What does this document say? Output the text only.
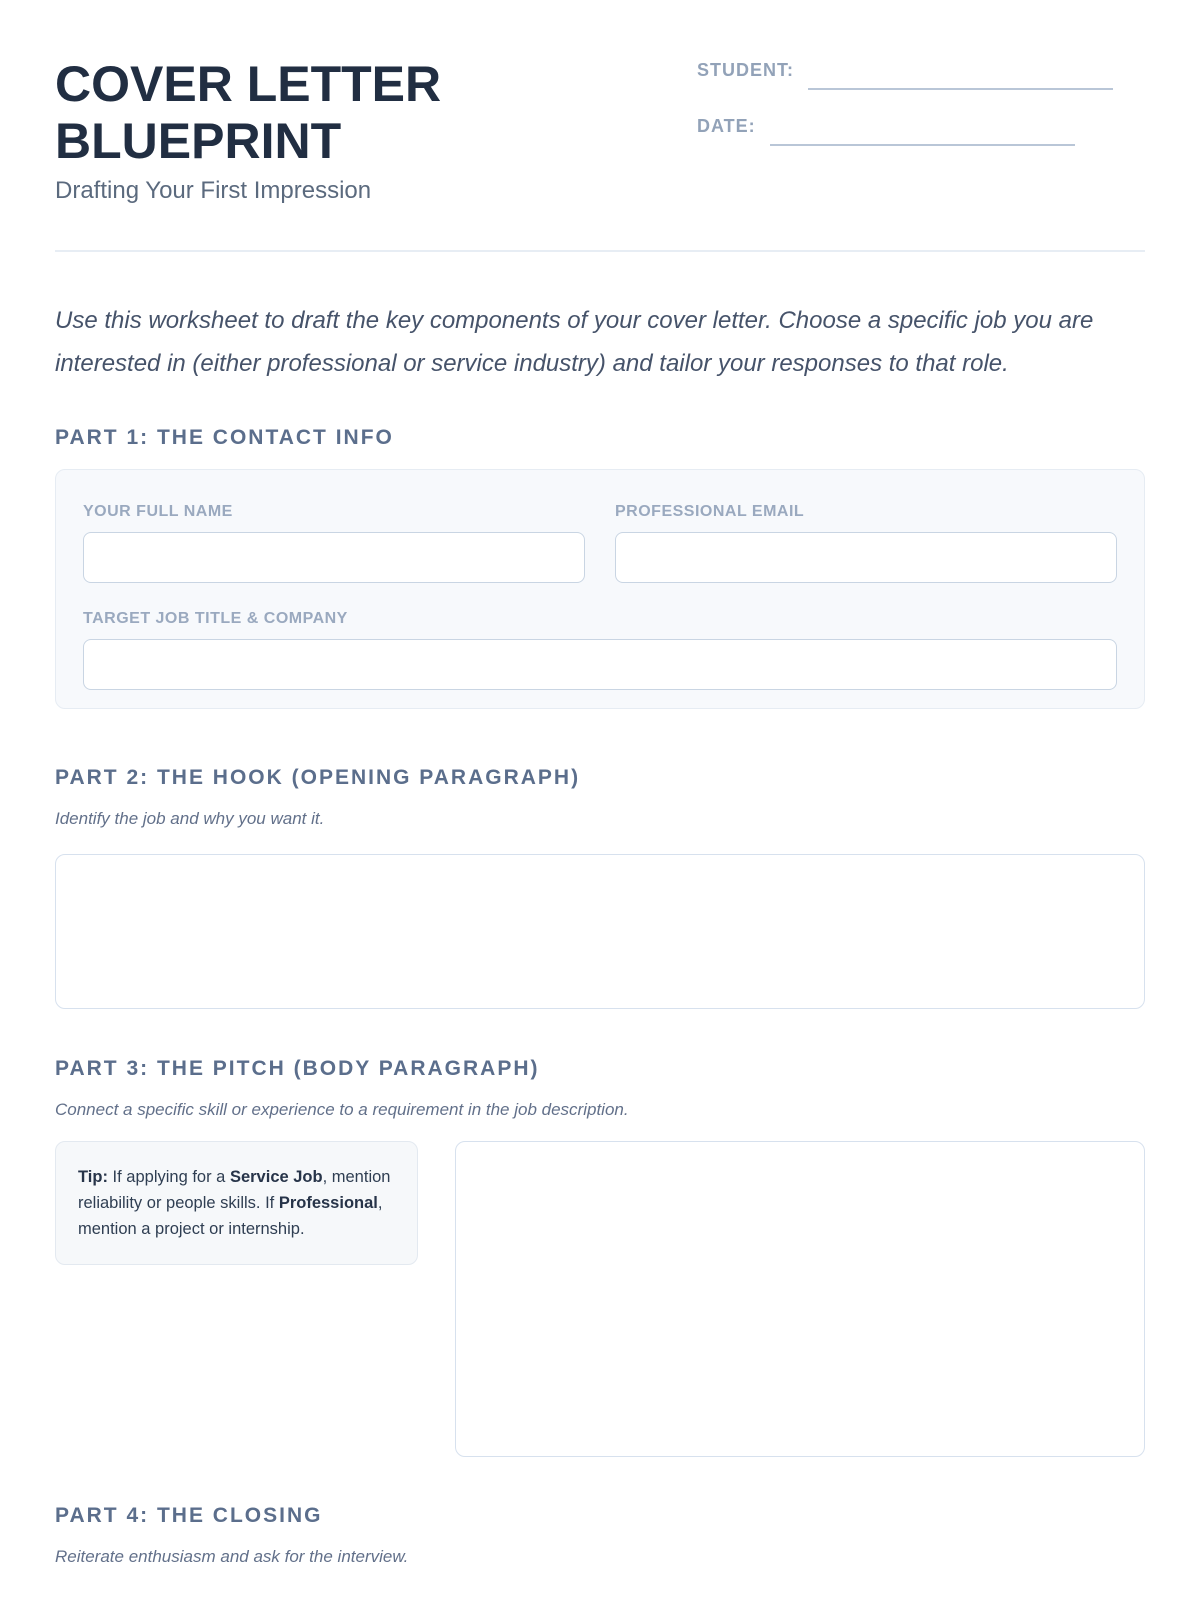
COVER LETTER BLUEPRINT
Drafting Your First Impression
STUDENT:
DATE:

Use this worksheet to draft the key components of your cover letter. Choose a specific job you are interested in (either professional or service industry) and tailor your responses to that role.

PART 1: THE CONTACT INFO
YOUR FULL NAME	PROFESSIONAL EMAIL
TARGET JOB TITLE & COMPANY
PART 2: THE HOOK (OPENING PARAGRAPH)
Identify the job and why you want it.
PART 3: THE PITCH (BODY PARAGRAPH)
Connect a specific skill or experience to a requirement in the job description.
Tip: If applying for a Service Job, mention reliability or people skills. If Professional, mention a project or internship.
PART 4: THE CLOSING
Reiterate enthusiasm and ask for the interview.
